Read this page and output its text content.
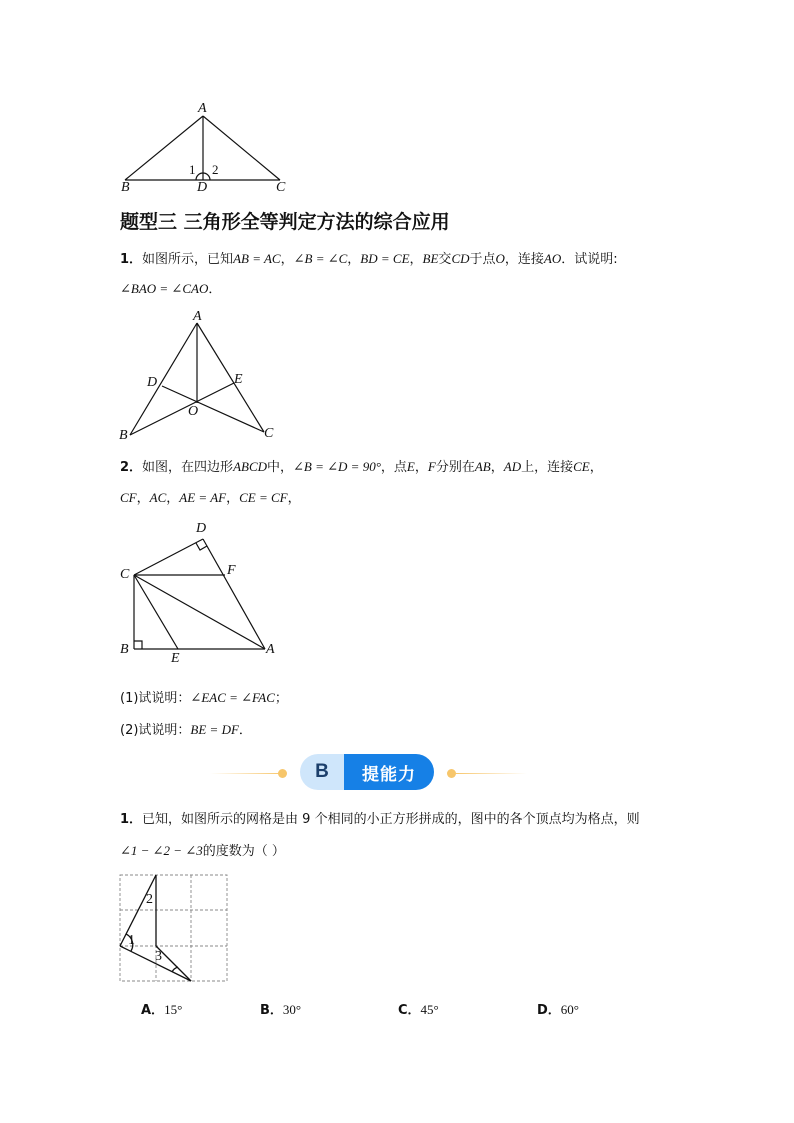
A
B	D	C
1 2
题型三 三角形全等判定方法的综合应用
1．如图所示，已知AB = AC，∠B = ∠C，BD = CE，BE交CD于点O，连接AO．试说明:
∠BAO = ∠CAO．
A
D	E
O
B	C
2．如图，在四边形ABCD中，∠B = ∠D = 90°，点E，F分别在AB，AD上，连接CE，
CF，AC，AE = AF，CE = CF，
D
C	F
B
E
A
(1)试说明：∠EAC = ∠FAC；
(2)试说明：BE = DF．
B	提能力
1．已知，如图所示的网格是由 9 个相同的小正方形拼成的，图中的各个顶点均为格点，则
∠1 − ∠2 − ∠3的度数为（ ）
2
1
3
A．15°	B．30°	C．45°	D．60°
